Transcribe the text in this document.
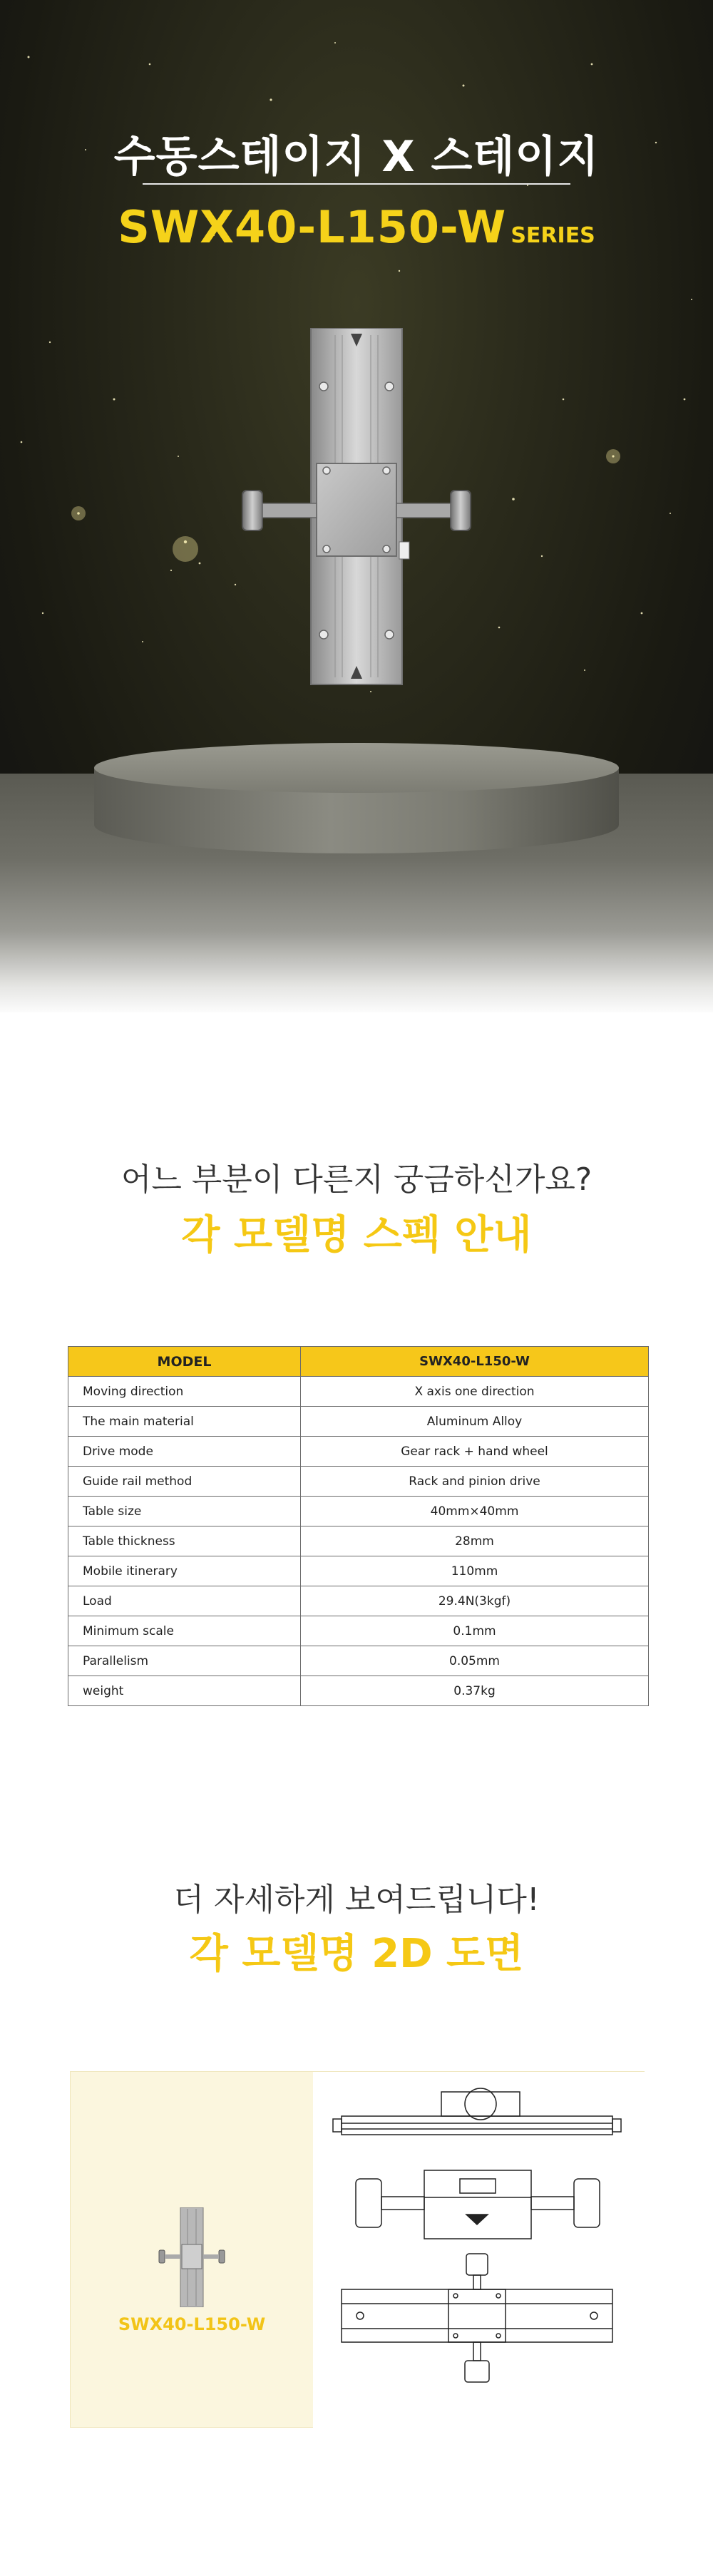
수동스테이지 X 스테이지
SWX40-L150-W SERIES
어느 부분이 다른지 궁금하신가요?
각 모델명 스펙 안내
MODEL	SWX40-L150-W
Moving direction	X axis one direction
The main material	Aluminum Alloy
Drive mode	Gear rack + hand wheel
Guide rail method	Rack and pinion drive
Table size	40mm×40mm
Table thickness	28mm
Mobile itinerary	110mm
Load	29.4N(3kgf)
Minimum scale	0.1mm
Parallelism	0.05mm
weight	0.37kg
더 자세하게 보여드립니다!
각 모델명 2D 도면
SWX40-L150-W
